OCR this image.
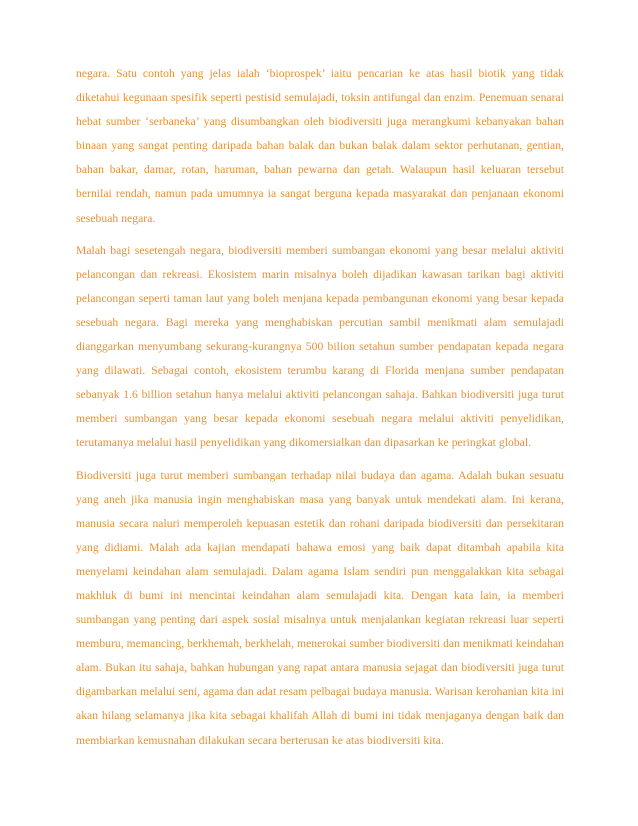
negara. Satu contoh yang jelas ialah ‘bioprospek’ iaitu pencarian ke atas hasil biotik yang tidak diketahui kegunaan spesifik seperti pestisid semulajadi, toksin antifungal dan enzim. Penemuan senarai hebat sumber ‘serbaneka’ yang disumbangkan oleh biodiversiti juga merangkumi kebanyakan bahan binaan yang sangat penting daripada bahan balak dan bukan balak dalam sektor perhutanan, gentian, bahan bakar, damar, rotan, haruman, bahan pewarna dan getah. Walaupun hasil keluaran tersebut bernilai rendah, namun pada umumnya ia sangat berguna kepada masyarakat dan penjanaan ekonomi sesebuah negara.

Malah bagi sesetengah negara, biodiversiti memberi sumbangan ekonomi yang besar melalui aktiviti pelancongan dan rekreasi. Ekosistem marin misalnya boleh dijadikan kawasan tarikan bagi aktiviti pelancongan seperti taman laut yang boleh menjana kepada pembangunan ekonomi yang besar kepada sesebuah negara. Bagi mereka yang menghabiskan percutian sambil menikmati alam semulajadi dianggarkan menyumbang sekurang-kurangnya 500 bilion setahun sumber pendapatan kepada negara yang dilawati. Sebagai contoh, ekosistem terumbu karang di Florida menjana sumber pendapatan sebanyak 1.6 billion setahun hanya melalui aktiviti pelancongan sahaja. Bahkan biodiversiti juga turut memberi sumbangan yang besar kepada ekonomi sesebuah negara melalui aktiviti penyelidikan, terutamanya melalui hasil penyelidikan yang dikomersialkan dan dipasarkan ke peringkat global.

Biodiversiti juga turut memberi sumbangan terhadap nilai budaya dan agama. Adalah bukan sesuatu yang aneh jika manusia ingin menghabiskan masa yang banyak untuk mendekati alam. Ini kerana, manusia secara naluri memperoleh kepuasan estetik dan rohani daripada biodiversiti dan persekitaran yang didiami. Malah ada kajian mendapati bahawa emosi yang baik dapat ditambah apabila kita menyelami keindahan alam semulajadi. Dalam agama Islam sendiri pun menggalakkan kita sebagai makhluk di bumi ini mencintai keindahan alam semulajadi kita. Dengan kata lain, ia memberi sumbangan yang penting dari aspek sosial misalnya untuk menjalankan kegiatan rekreasi luar seperti memburu, memancing, berkhemah, berkhelah, menerokai sumber biodiversiti dan menikmati keindahan alam. Bukan itu sahaja, bahkan hubungan yang rapat antara manusia sejagat dan biodiversiti juga turut digambarkan melalui seni, agama dan adat resam pelbagai budaya manusia. Warisan kerohanian kita ini akan hilang selamanya jika kita sebagai khalifah Allah di bumi ini tidak menjaganya dengan baik dan membiarkan kemusnahan dilakukan secara berterusan ke atas biodiversiti kita.
